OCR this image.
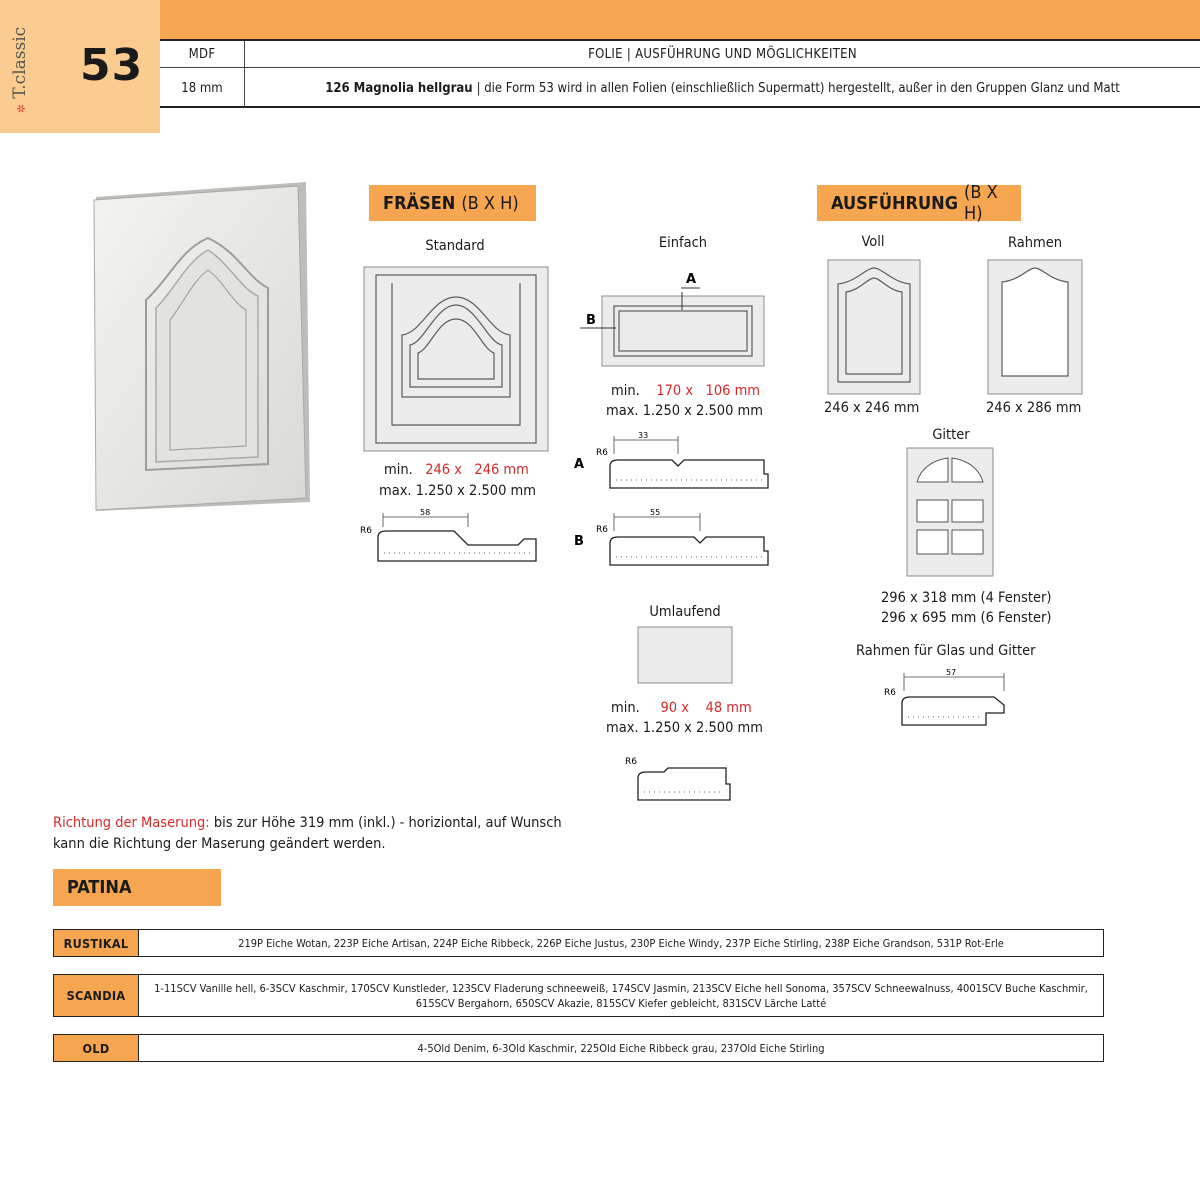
✲ T.classic 53	MDF	FOLIE | AUSFÜHRUNG UND MÖGLICHKEITEN
18 mm	126 Magnolia hellgrau | die Form 53 wird in allen Folien (einschließlich Supermatt) hergestellt, außer in den Gruppen Glanz und Matt
FRÄSEN (B X H)
Standard
min. 246 x 246 mm
max. 1.250 x 2.500 mm
R6
58
Einfach
A
B
min. 170 x 106 mm
max. 1.250 x 2.500 mm
A
R6
33
B
R6
55
Umlaufend
min. 90 x 48 mm
max. 1.250 x 2.500 mm
R6
AUSFÜHRUNG (B X H)
Voll
246 x 246 mm
Rahmen
246 x 286 mm
Gitter
296 x 318 mm (4 Fenster)
296 x 695 mm (6 Fenster)
Rahmen für Glas und Gitter
R6
57
Richtung der Maserung: bis zur Höhe 319 mm (inkl.) - horiziontal, auf Wunsch
kann die Richtung der Maserung geändert werden.
PATINA
RUSTIKAL	219P Eiche Wotan, 223P Eiche Artisan, 224P Eiche Ribbeck, 226P Eiche Justus, 230P Eiche Windy, 237P Eiche Stirling, 238P Eiche Grandson, 531P Rot-Erle
SCANDIA	1-11SCV Vanille hell, 6-3SCV Kaschmir, 170SCV Kunstleder, 123SCV Fladerung schneeweiß, 174SCV Jasmin, 213SCV Eiche hell Sonoma, 357SCV Schneewalnuss, 4001SCV Buche Kaschmir,
615SCV Bergahorn, 650SCV Akazie, 815SCV Kiefer gebleicht, 831SCV Lärche Latté
OLD	4-5Old Denim, 6-3Old Kaschmir, 225Old Eiche Ribbeck grau, 237Old Eiche Stirling
